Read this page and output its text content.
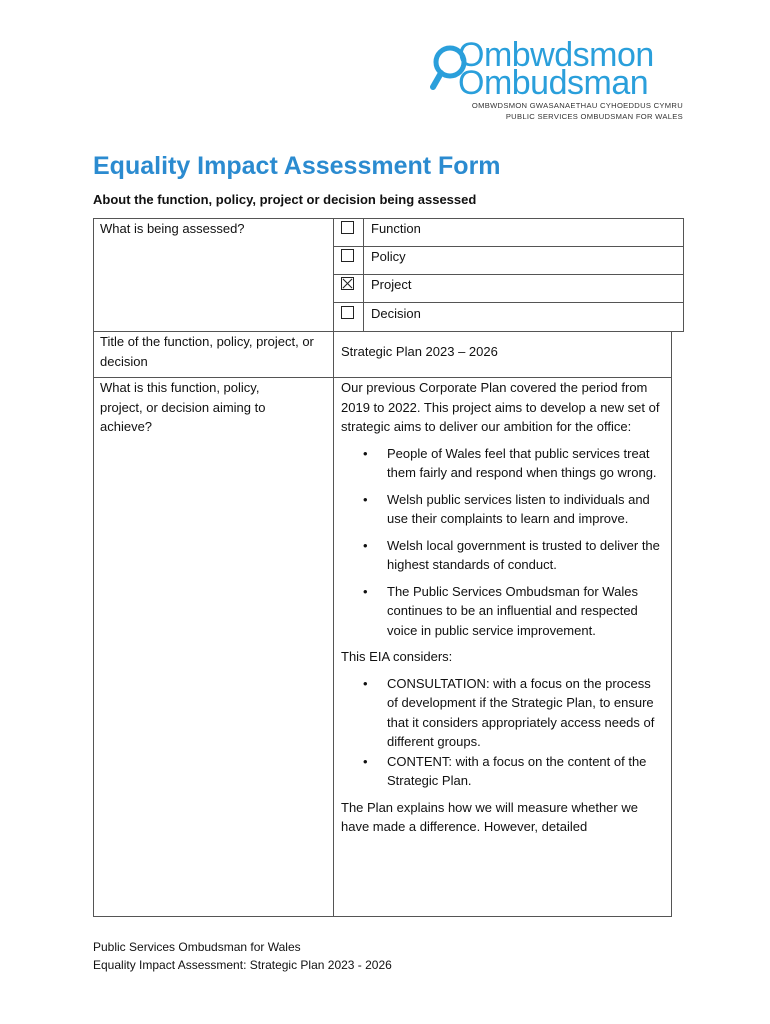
Ombwdsmon
Ombudsman
OMBWDSMON GWASANAETHAU CYHOEDDUS CYMRU
PUBLIC SERVICES OMBUDSMAN FOR WALES
Equality Impact Assessment Form

About the function, policy, project or decision being assessed

What is being assessed?	Function
Policy
Project
Decision
Title of the function, policy, project, or decision
Strategic Plan 2023 – 2026
What is this function, policy, project, or decision aiming to achieve?

Our previous Corporate Plan covered the period from 2019 to 2022. This project aims to develop a new set of strategic aims to deliver our ambition for the office:

• People of Wales feel that public services treat them fairly and respond when things go wrong.
• Welsh public services listen to individuals and use their complaints to learn and improve.
• Welsh local government is trusted to deliver the highest standards of conduct.
• The Public Services Ombudsman for Wales continues to be an influential and respected voice in public service improvement.

This EIA considers:

• CONSULTATION: with a focus on the process of development if the Strategic Plan, to ensure that it considers appropriately access needs of different groups.
• CONTENT: with a focus on the content of the Strategic Plan.

The Plan explains how we will measure whether we have made a difference. However, detailed

Public Services Ombudsman for Wales
Equality Impact Assessment: Strategic Plan 2023 - 2026
